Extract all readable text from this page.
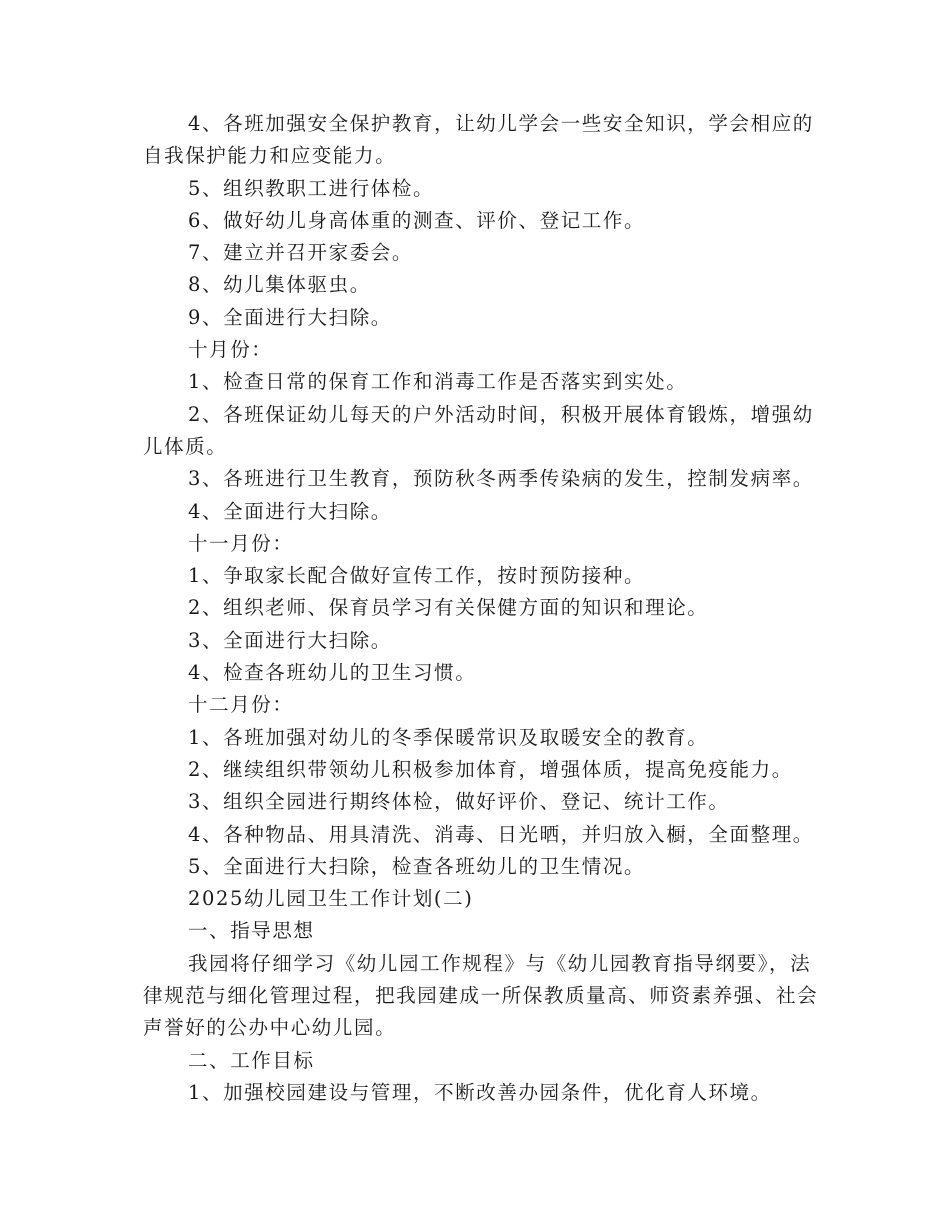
4、各班加强安全保护教育，让幼儿学会一些安全知识，学会相应的自我保护能力和应变能力。

5、组织教职工进行体检。

6、做好幼儿身高体重的测查、评价、登记工作。

7、建立并召开家委会。

8、幼儿集体驱虫。

9、全面进行大扫除。

十月份：

1、检查日常的保育工作和消毒工作是否落实到实处。

2、各班保证幼儿每天的户外活动时间，积极开展体育锻炼，增强幼儿体质。

3、各班进行卫生教育，预防秋冬两季传染病的发生，控制发病率。

4、全面进行大扫除。

十一月份：

1、争取家长配合做好宣传工作，按时预防接种。

2、组织老师、保育员学习有关保健方面的知识和理论。

3、全面进行大扫除。

4、检查各班幼儿的卫生习惯。

十二月份：

1、各班加强对幼儿的冬季保暖常识及取暖安全的教育。

2、继续组织带领幼儿积极参加体育，增强体质，提高免疫能力。

3、组织全园进行期终体检，做好评价、登记、统计工作。

4、各种物品、用具清洗、消毒、日光晒，并归放入橱，全面整理。

5、全面进行大扫除，检查各班幼儿的卫生情况。

2025幼儿园卫生工作计划(二)

一、指导思想

我园将仔细学习《幼儿园工作规程》与《幼儿园教育指导纲要》，法律规范与细化管理过程，把我园建成一所保教质量高、师资素养强、社会声誉好的公办中心幼儿园。

二、工作目标

1、加强校园建设与管理，不断改善办园条件，优化育人环境。
